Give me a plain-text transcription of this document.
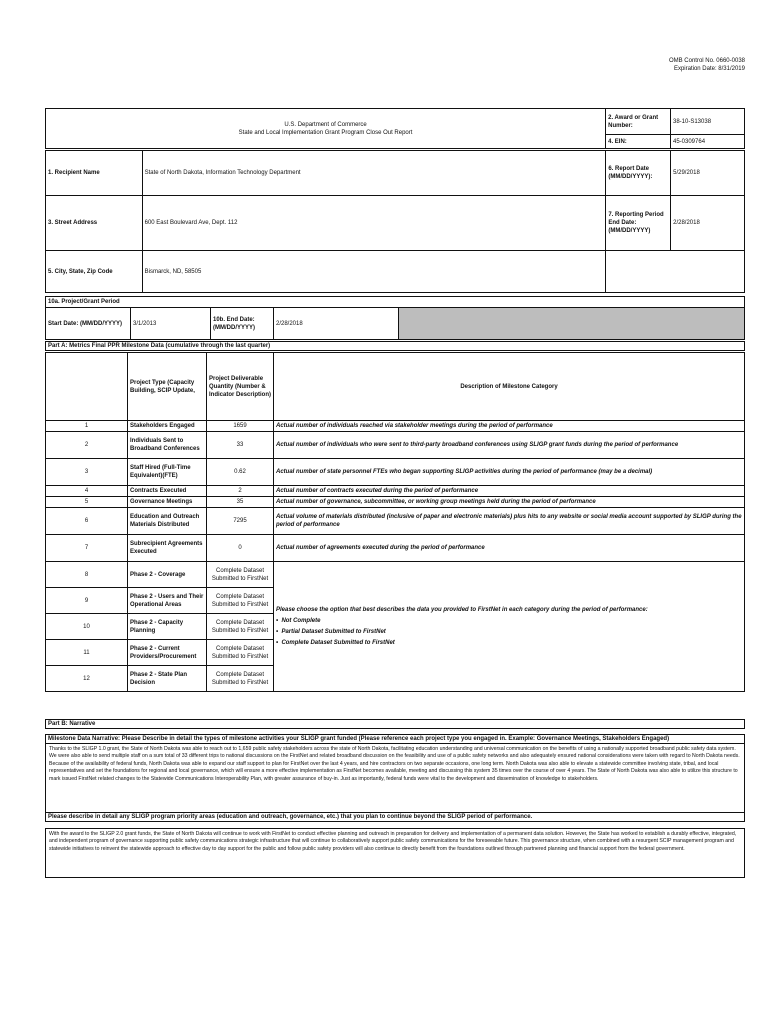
OMB Control No. 0660-0038
Expiration Date: 8/31/2019
U.S. Department of Commerce
State and Local Implementation Grant Program Close Out Report	2. Award or Grant Number:	38-10-S13038
	4. EIN:	45-0309764
1. Recipient Name	State of North Dakota, Information Technology Department	6. Report Date (MM/DD/YYYY):	5/29/2018
3. Street Address	600 East Boulevard Ave, Dept. 112	7. Reporting Period End Date: (MM/DD/YYYY)	2/28/2018
5. City, State, Zip Code	Bismarck, ND, 58505		
10a. Project/Grant Period
Start Date: (MM/DD/YYYY)	3/1/2013	10b. End Date: (MM/DD/YYYY)	2/28/2018	
Part A: Metrics Final PPR Milestone Data (cumulative through the last quarter)
	Project Type (Capacity Building, SCIP Update,	Project Deliverable Quantity (Number & Indicator Description)	Description of Milestone Category
1	Stakeholders Engaged	1659	Actual number of individuals reached via stakeholder meetings during the period of performance
2	Individuals Sent to Broadband Conferences	33	Actual number of individuals who were sent to third-party broadband conferences using SLIGP grant funds during the period of performance
3	Staff Hired (Full-Time Equivalent)(FTE)	0.62	Actual number of state personnel FTEs who began supporting SLIGP activities during the period of performance (may be a decimal)
4	Contracts Executed	2	Actual number of contracts executed during the period of performance
5	Governance Meetings	35	Actual number of governance, subcommittee, or working group meetings held during the period of performance
6	Education and Outreach Materials Distributed	7295	Actual volume of materials distributed (inclusive of paper and electronic materials) plus hits to any website or social media account supported by SLIGP during the period of performance
7	Subrecipient Agreements Executed	0	Actual number of agreements executed during the period of performance
8	Phase 2 - Coverage	Complete Dataset Submitted to FirstNet	Please choose the option that best describes the data you provided to FirstNet in each category during the period of performance:
•  Not Complete
•  Partial Dataset Submitted to FirstNet
•  Complete Dataset Submitted to FirstNet

9	Phase 2 - Users and Their Operational Areas	Complete Dataset Submitted to FirstNet	
10	Phase 2 - Capacity Planning	Complete Dataset Submitted to FirstNet	
11	Phase 2 - Current Providers/Procurement	Complete Dataset Submitted to FirstNet	
12	Phase 2 - State Plan Decision	Complete Dataset Submitted to FirstNet	
Part B: Narrative
Milestone Data Narrative: Please Describe in detail the types of milestone activities your SLIGP grant funded (Please reference each project type you engaged in. Example: Governance Meetings, Stakeholders Engaged)
Thanks to the SLIGP 1.0 grant, the State of North Dakota was able to reach out to 1,659 public safety stakeholders across the state of North Dakota, facilitating education understanding and universal communication on the benefits of using a nationally supported broadband public safety data system. We were also able to send multiple staff on a sum total of 33 different trips to national discussions on the FirstNet and related broadband discussion on the feasibility and use of a public safety networks and also adequately ensured national considerations were taken with regard to North Dakota needs. Because of the availability of federal funds, North Dakota was able to expand our staff support to plan for FirstNet over the last 4 years, and hire contractors on two separate occasions, one long term. North Dakota was also able to elevate a statewide committee involving state, tribal, and local representatives and set the foundations for regional and local governance, which will ensure a more effective implementation as FirstNet becomes available, meeting and discussing this system 35 times over the course of over 4 years. The State of North Dakota was also able to utilize this structure to mark issued FirstNet related changes to the Statewide Communications Interoperability Plan, with greater assurance of buy-in. Just as importantly, federal funds were vital to the development and dissemination of knowledge to stakeholders.
Please describe in detail any SLIGP program priority areas (education and outreach, governance, etc.) that you plan to continue beyond the SLIGP period of performance.
With the award to the SLIGP 2.0 grant funds, the State of North Dakota will continue to work with FirstNet to conduct effective planning and outreach in preparation for delivery and implementation of a permanent data solution. However, the State has worked to establish a durably effective, integrated, and independent program of governance supporting public safety communications strategic infrastructure that will continue to collaboratively support public safety communications for the foreseeable future. This governance structure, when combined with a resurgent SCIP management program and statewide initiatives to reinvent the statewide approach to effective day to day support for the public and follow public safety providers will also continue to directly benefit from the foundations outlined through partnered planning and financial support from the federal government.
